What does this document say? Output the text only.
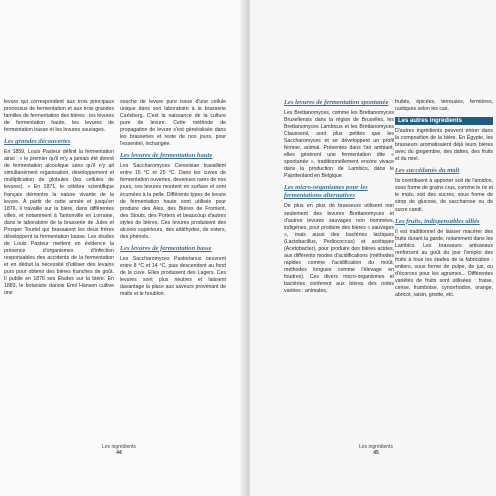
levure qui correspondent aux trois principaux processus de fermentation et aux trois grandes familles de fermentation des bières : les levures de fermentation haute, les levures de fermentation basse et les levures sauvages.

Les grandes découvertes

En 1859, Louis Pasteur définit la fermentation ainsi : « le premier qu'il m'y a jamais été donné de fermentation alcoolique sans qu'il n'y ait simultanément organisation, développement et multiplication de globules (les cellules de levures). » En 1871, le célèbre scientifique français démontre la nature vivante de la levure. À partir de cette année et jusqu'en 1876, il travaille sur la bière, dans différentes villes, et notamment à Tantonville en Lorraine, dans le laboratoire de la brasserie de Jules et Prosper Tourtel qui brassaient les deux frères développent la fermentation basse. Les études de Louis Pasteur mettent en évidence la présence d'organismes d'infection responsables des accidents de la fermentation et en déduit la nécessité d'utiliser des levains purs pour obtenir des bières franches de goût. Il publie en 1876 ses Études sur la bière. En 1883, le botaniste danois Emil Hansen cultive une

souche de levure pure issue d'une cellule unique dans son laboratoire à la brasserie Carlsberg. C'est la naissance de la culture pure de levure. Cette méthode de propagation de levure s'est généralisée dans les brasseries et reste de nos jours, pour l'essentiel, inchangée.

Les levures de fermentation haute

Les Saccharomyces Cerevisiae travaillent entre 15 °C et 25 °C. Dans les cuves de fermentation ouvertes, devenues rares de nos jours, ces levures montent en surface et sont écumées à la pelle. Différents types de levure de fermentation haute sont utilisés pour produire des Ales, des Bières de Froment, des Stouts, des Porters et beaucoup d'autres styles de bières. Ces levures produisent des alcools supérieurs, des aldéhydes, de esters, des phénols.

Les levures de fermentation basse

Les Saccharomyces Pastorianus oeuvrent entre 8 °C et 14 °C, puis descendent au fond de la cuve. Elles produisent des Lagers. Ces levures sont plus neutres et laissent davantage la place aux saveurs provenant de malts et le houblon.

Les ingrédients
44
Les levures de fermentation spontanée

Les Brettanomyces, comme les Brettanomyces Bruxellensis dans la région de Bruxelles, les Brettanomyces Lambicus et les Brettanomyces Claussenii, sont plus petites que les Saccharomyces et se développent un profil fermier, animal. Présentes dans l'air ambiant, elles génèrent une fermentation dite « spontanée », traditionnellement encore vivace dans la production de Lambics, dans le Pajottenland en Belgique.

Les micro-organismes pour les fermentations alternatives

De plus en plus de brasseurs utilisent non seulement des levures Brettanomyces et d'autres levures sauvages non nommées, indigènes, pour produire des bières « sauvages », mais aussi des bactéries lactiques (Lactobacillus, Pediococcus) et acétiques (Acetobacter), pour produire des bières acides, aux différents modes d'acidifications (méthodes rapides comme l'acidification du moût, méthodes longues comme l'élevage en foudres). Ces divers micro-organismes et bactéries conferent aux bières des notes variées : animales,

fruités, épicées, terreuses, fermières, rustiques selon les cas.

Les autres ingrédients

D'autres ingrédients peuvent entrer dans la composition de la bière. En Égypte, les brasseurs aromatisaient déjà leurs bières avec du gingembre, des dattes, des fruits et du miel.

Les succédanés du malt

Ils contribuent à apporter soit de l'amidon, sous forme de grains crus, comme le riz et le maïs, soit des sucres, sous forme de sirop de glucose, de saccharose ou de sucre candi.

Les fruits, indispensables alliés

Il est traditionnel de laisser macérer des fruits durant la garde, notamment dans les Lambics. Les brasseurs artisanaux renforcent au goût du jour l'emploi des fruits à tous les stades de la fabrication : entiers, sous forme de pulpe, de jus, ou d'écorces pour les agrumes... Différentes variétés de fruits sont utilisées : fraise, cerise, framboise, cynorrhodon, orange, abricot, raisin, griotte, etc.

Les ingrédients
45
